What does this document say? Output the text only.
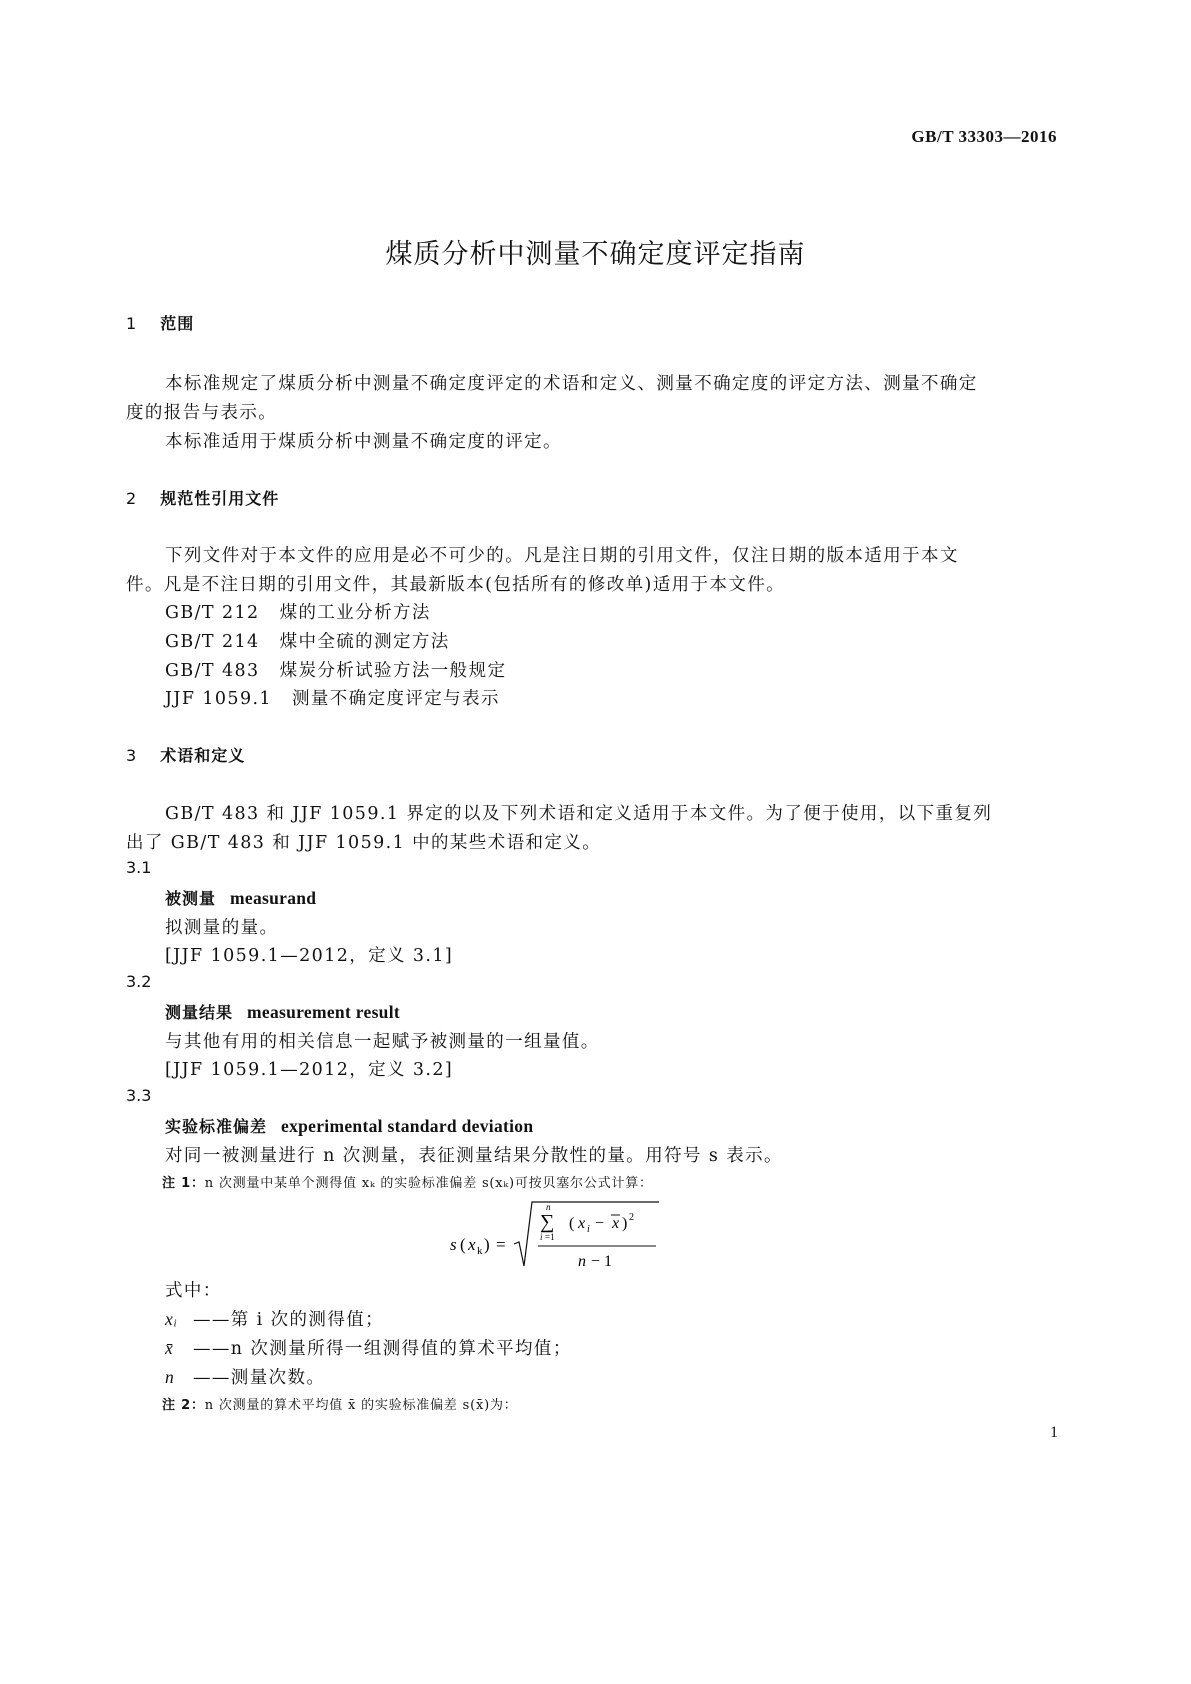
GB/T 33303—2016
煤质分析中测量不确定度评定指南
1 范围
本标准规定了煤质分析中测量不确定度评定的术语和定义、测量不确定度的评定方法、测量不确定
度的报告与表示。
本标准适用于煤质分析中测量不确定度的评定。
2 规范性引用文件
下列文件对于本文件的应用是必不可少的。凡是注日期的引用文件，仅注日期的版本适用于本文
件。凡是不注日期的引用文件，其最新版本(包括所有的修改单)适用于本文件。
GB/T 212 煤的工业分析方法
GB/T 214 煤中全硫的测定方法
GB/T 483 煤炭分析试验方法一般规定
JJF 1059.1 测量不确定度评定与表示
3 术语和定义
GB/T 483 和 JJF 1059.1 界定的以及下列术语和定义适用于本文件。为了便于使用，以下重复列
出了 GB/T 483 和 JJF 1059.1 中的某些术语和定义。
3.1
被测量 measurand
拟测量的量。
[JJF 1059.1—2012，定义 3.1]
3.2
测量结果 measurement result
与其他有用的相关信息一起赋予被测量的一组量值。
[JJF 1059.1—2012，定义 3.2]
3.3
实验标准偏差 experimental standard deviation
对同一被测量进行 n 次测量，表征测量结果分散性的量。用符号 s 表示。
注 1：n 次测量中某单个测得值 xₖ 的实验标准偏差 s(xₖ)可按贝塞尔公式计算：
s ( x k ) =
n
∑
i =1
( x i − x ) 2
n − 1
式中：
xᵢ ——第 i 次的测得值；
x̄ ——n 次测量所得一组测得值的算术平均值；
n ——测量次数。
注 2：n 次测量的算术平均值 x̄ 的实验标准偏差 s(x̄)为：
1
